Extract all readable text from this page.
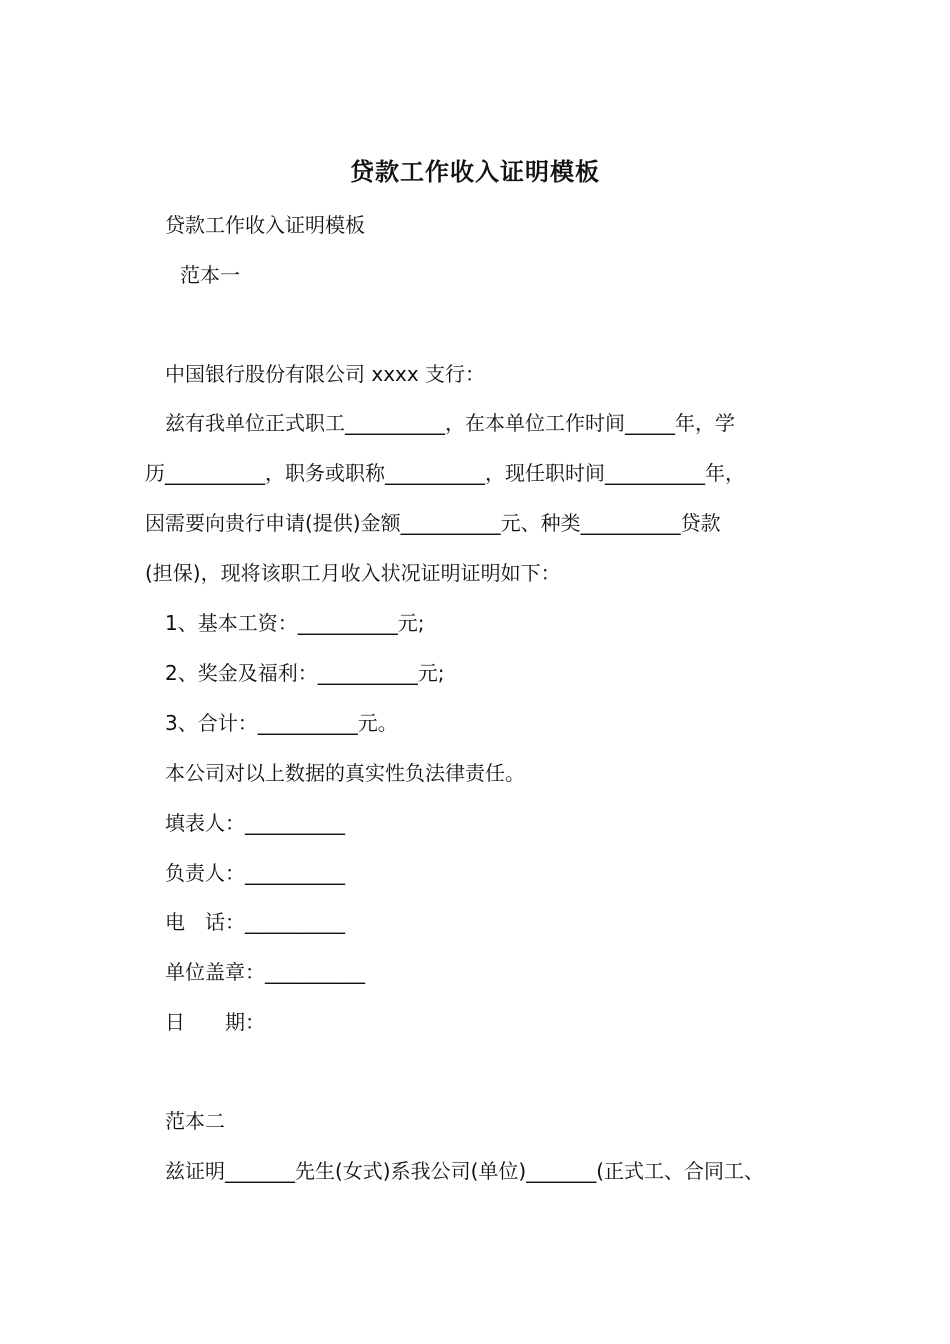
贷款工作收入证明模板
贷款工作收入证明模板
范本一
中国银行股份有限公司 xxxx 支行：
兹有我单位正式职工__________，在本单位工作时间_____年，学
历__________，职务或职称__________，现任职时间__________年，
因需要向贵行申请(提供)金额__________元、种类__________贷款
(担保)，现将该职工月收入状况证明证明如下：
1、基本工资：__________元;
2、奖金及福利：__________元;
3、合计：__________元。
本公司对以上数据的真实性负法律责任。
填表人：__________
负责人：__________
电　话：__________
单位盖章：__________
日　　期：
范本二
兹证明_______先生(女式)系我公司(单位)_______(正式工、合同工、
